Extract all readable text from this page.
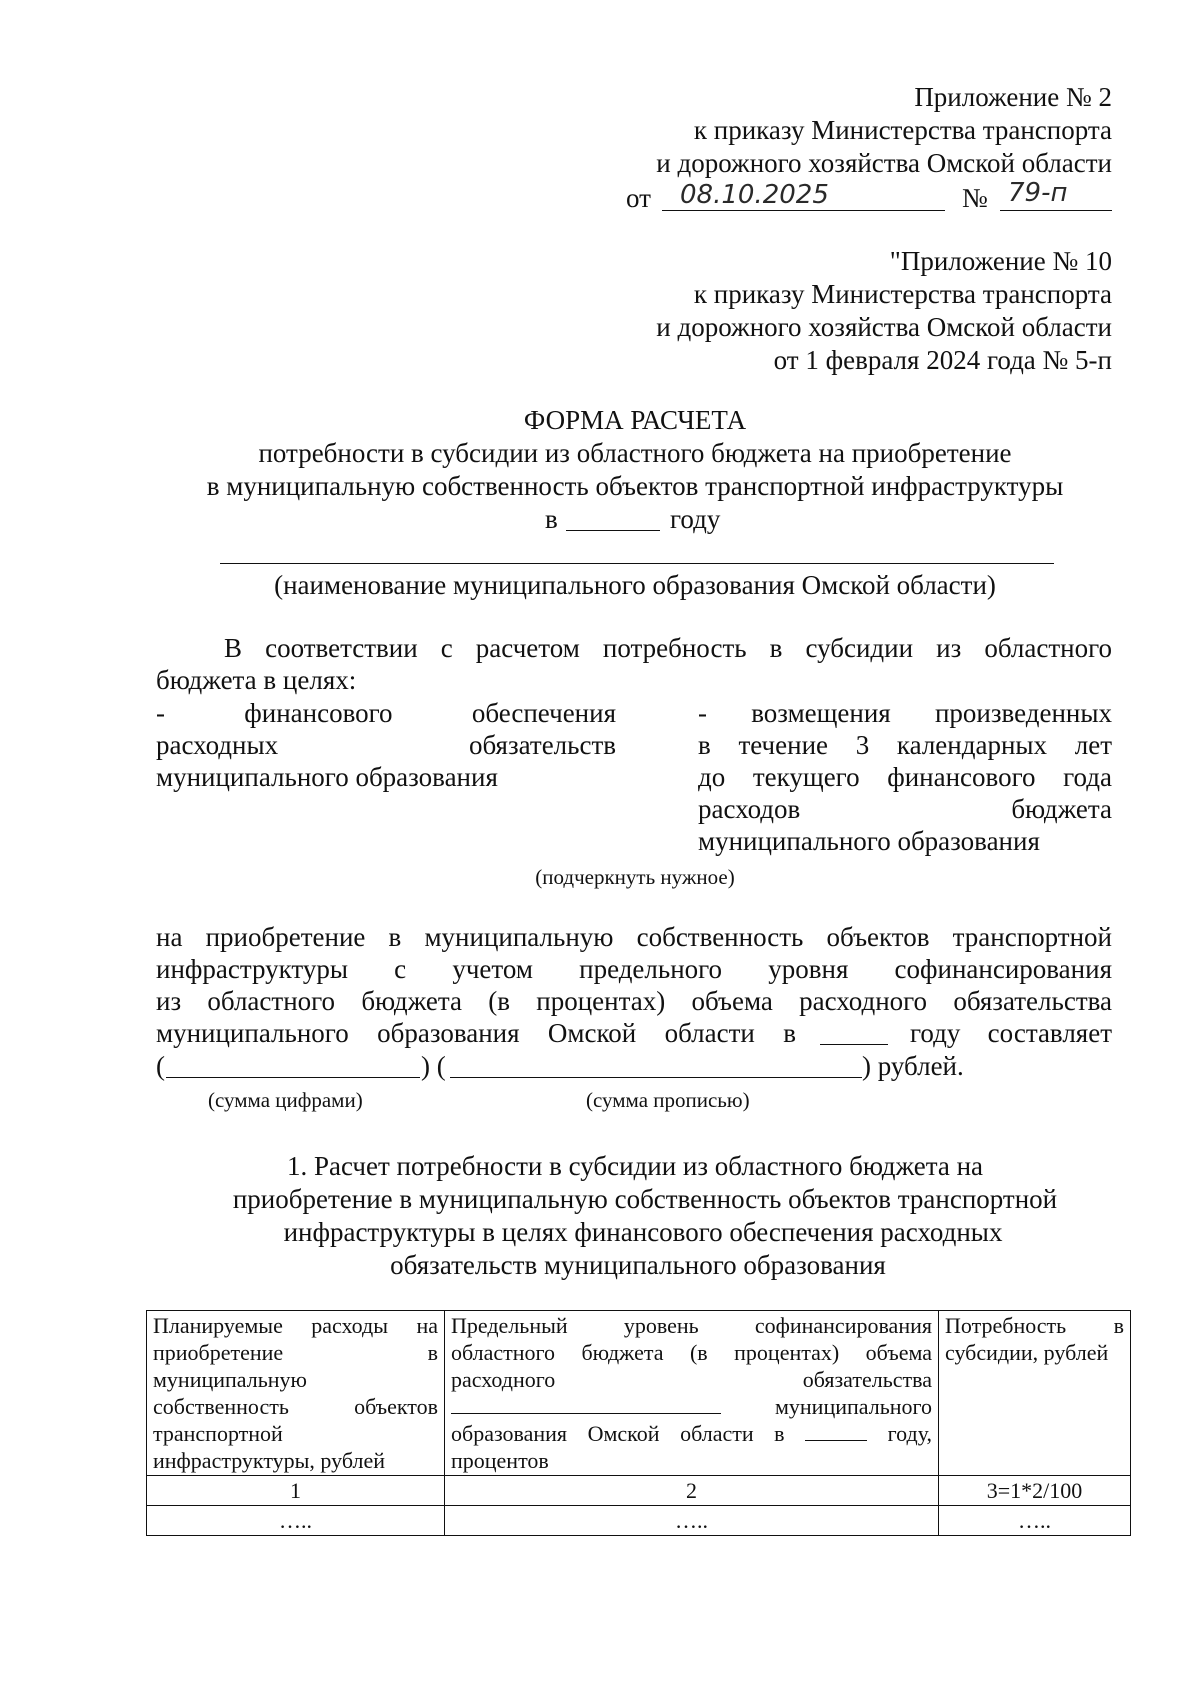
Приложение № 2
к приказу Министерства транспорта
и дорожного хозяйства Омской области
от 08.10.2025	№ 79-п
"Приложение № 10
к приказу Министерства транспорта
и дорожного хозяйства Омской области
от 1 февраля 2024 года № 5-п
ФОРМА РАСЧЕТА
потребности в субсидии из областного бюджета на приобретение
в муниципальную собственность объектов транспортной инфраструктуры
в	году
(наименование муниципального образования Омской области)
В соответствии с расчетом потребность в субсидии из областного
бюджета в целях:
- финансового обеспечения
расходных обязательств
муниципального образования
- возмещения произведенных
в течение 3 календарных лет
до текущего финансового года
расходов бюджета
муниципального образования
(подчеркнуть нужное)
на приобретение в муниципальную собственность объектов транспортной
инфраструктуры с учетом предельного уровня софинансирования
из областного бюджета (в процентах) объема расходного обязательства
муниципального образования Омской области в	году составляет
(	) (	) рублей.
(сумма цифрами)	(сумма прописью)
1. Расчет потребности в субсидии из областного бюджета на
приобретение в муниципальную собственность объектов транспортной
инфраструктуры в целях финансового обеспечения расходных
обязательств муниципального образования
Планируемые расходы на приобретение в муниципальную собственность объектов транспортной инфраструктуры, рублей	Предельный уровень софинансирования областного бюджета (в процентах) объема расходного обязательства  муниципального образования Омской области в году, процентов	Потребность в субсидии, рублей
1	2	3=1*2/100
…..	…..	…..
